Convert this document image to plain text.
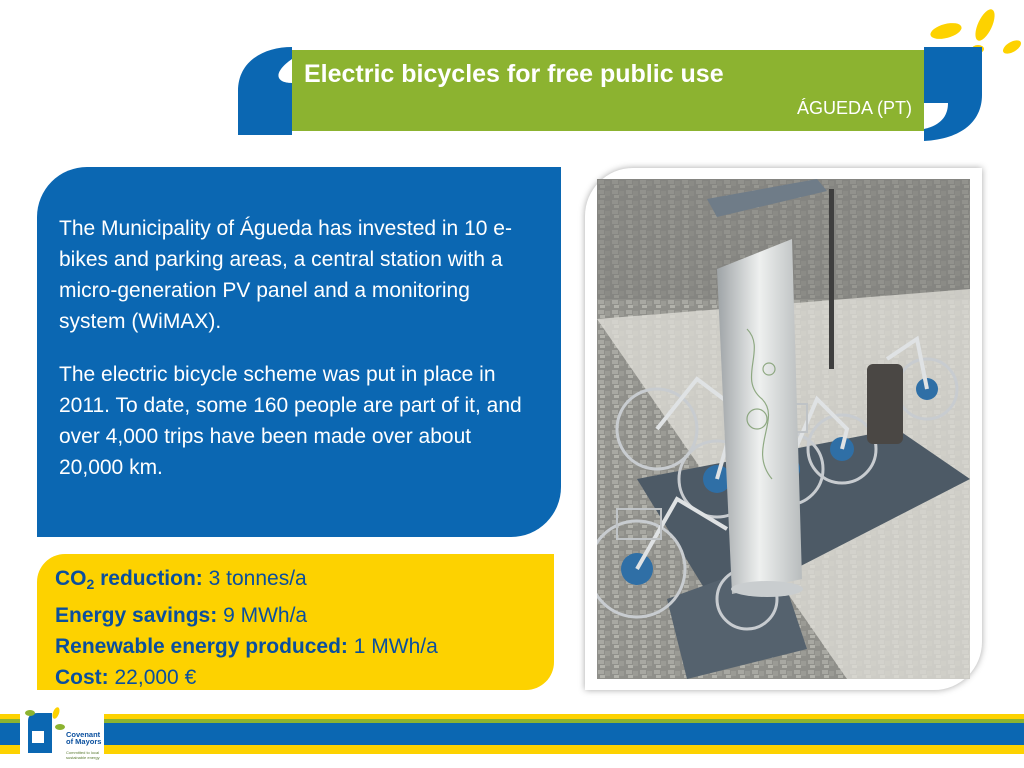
Electric bicycles for free public use
ÁGUEDA (PT)

The Municipality of Águeda has invested in 10 e-bikes and parking areas, a central station with a micro-generation PV panel and a monitoring system (WiMAX).

The electric bicycle scheme was put in place in 2011. To date, some 160 people are part of it, and over 4,000 trips have been made over about 20,000 km.

$CO_2$ reduction: 3 tonnes/a
Energy savings: 9 MWh/a
Renewable energy produced: 1 MWh/a
Cost: 22,000 €
Covenant
of Mayors
Committed to local sustainable energy
